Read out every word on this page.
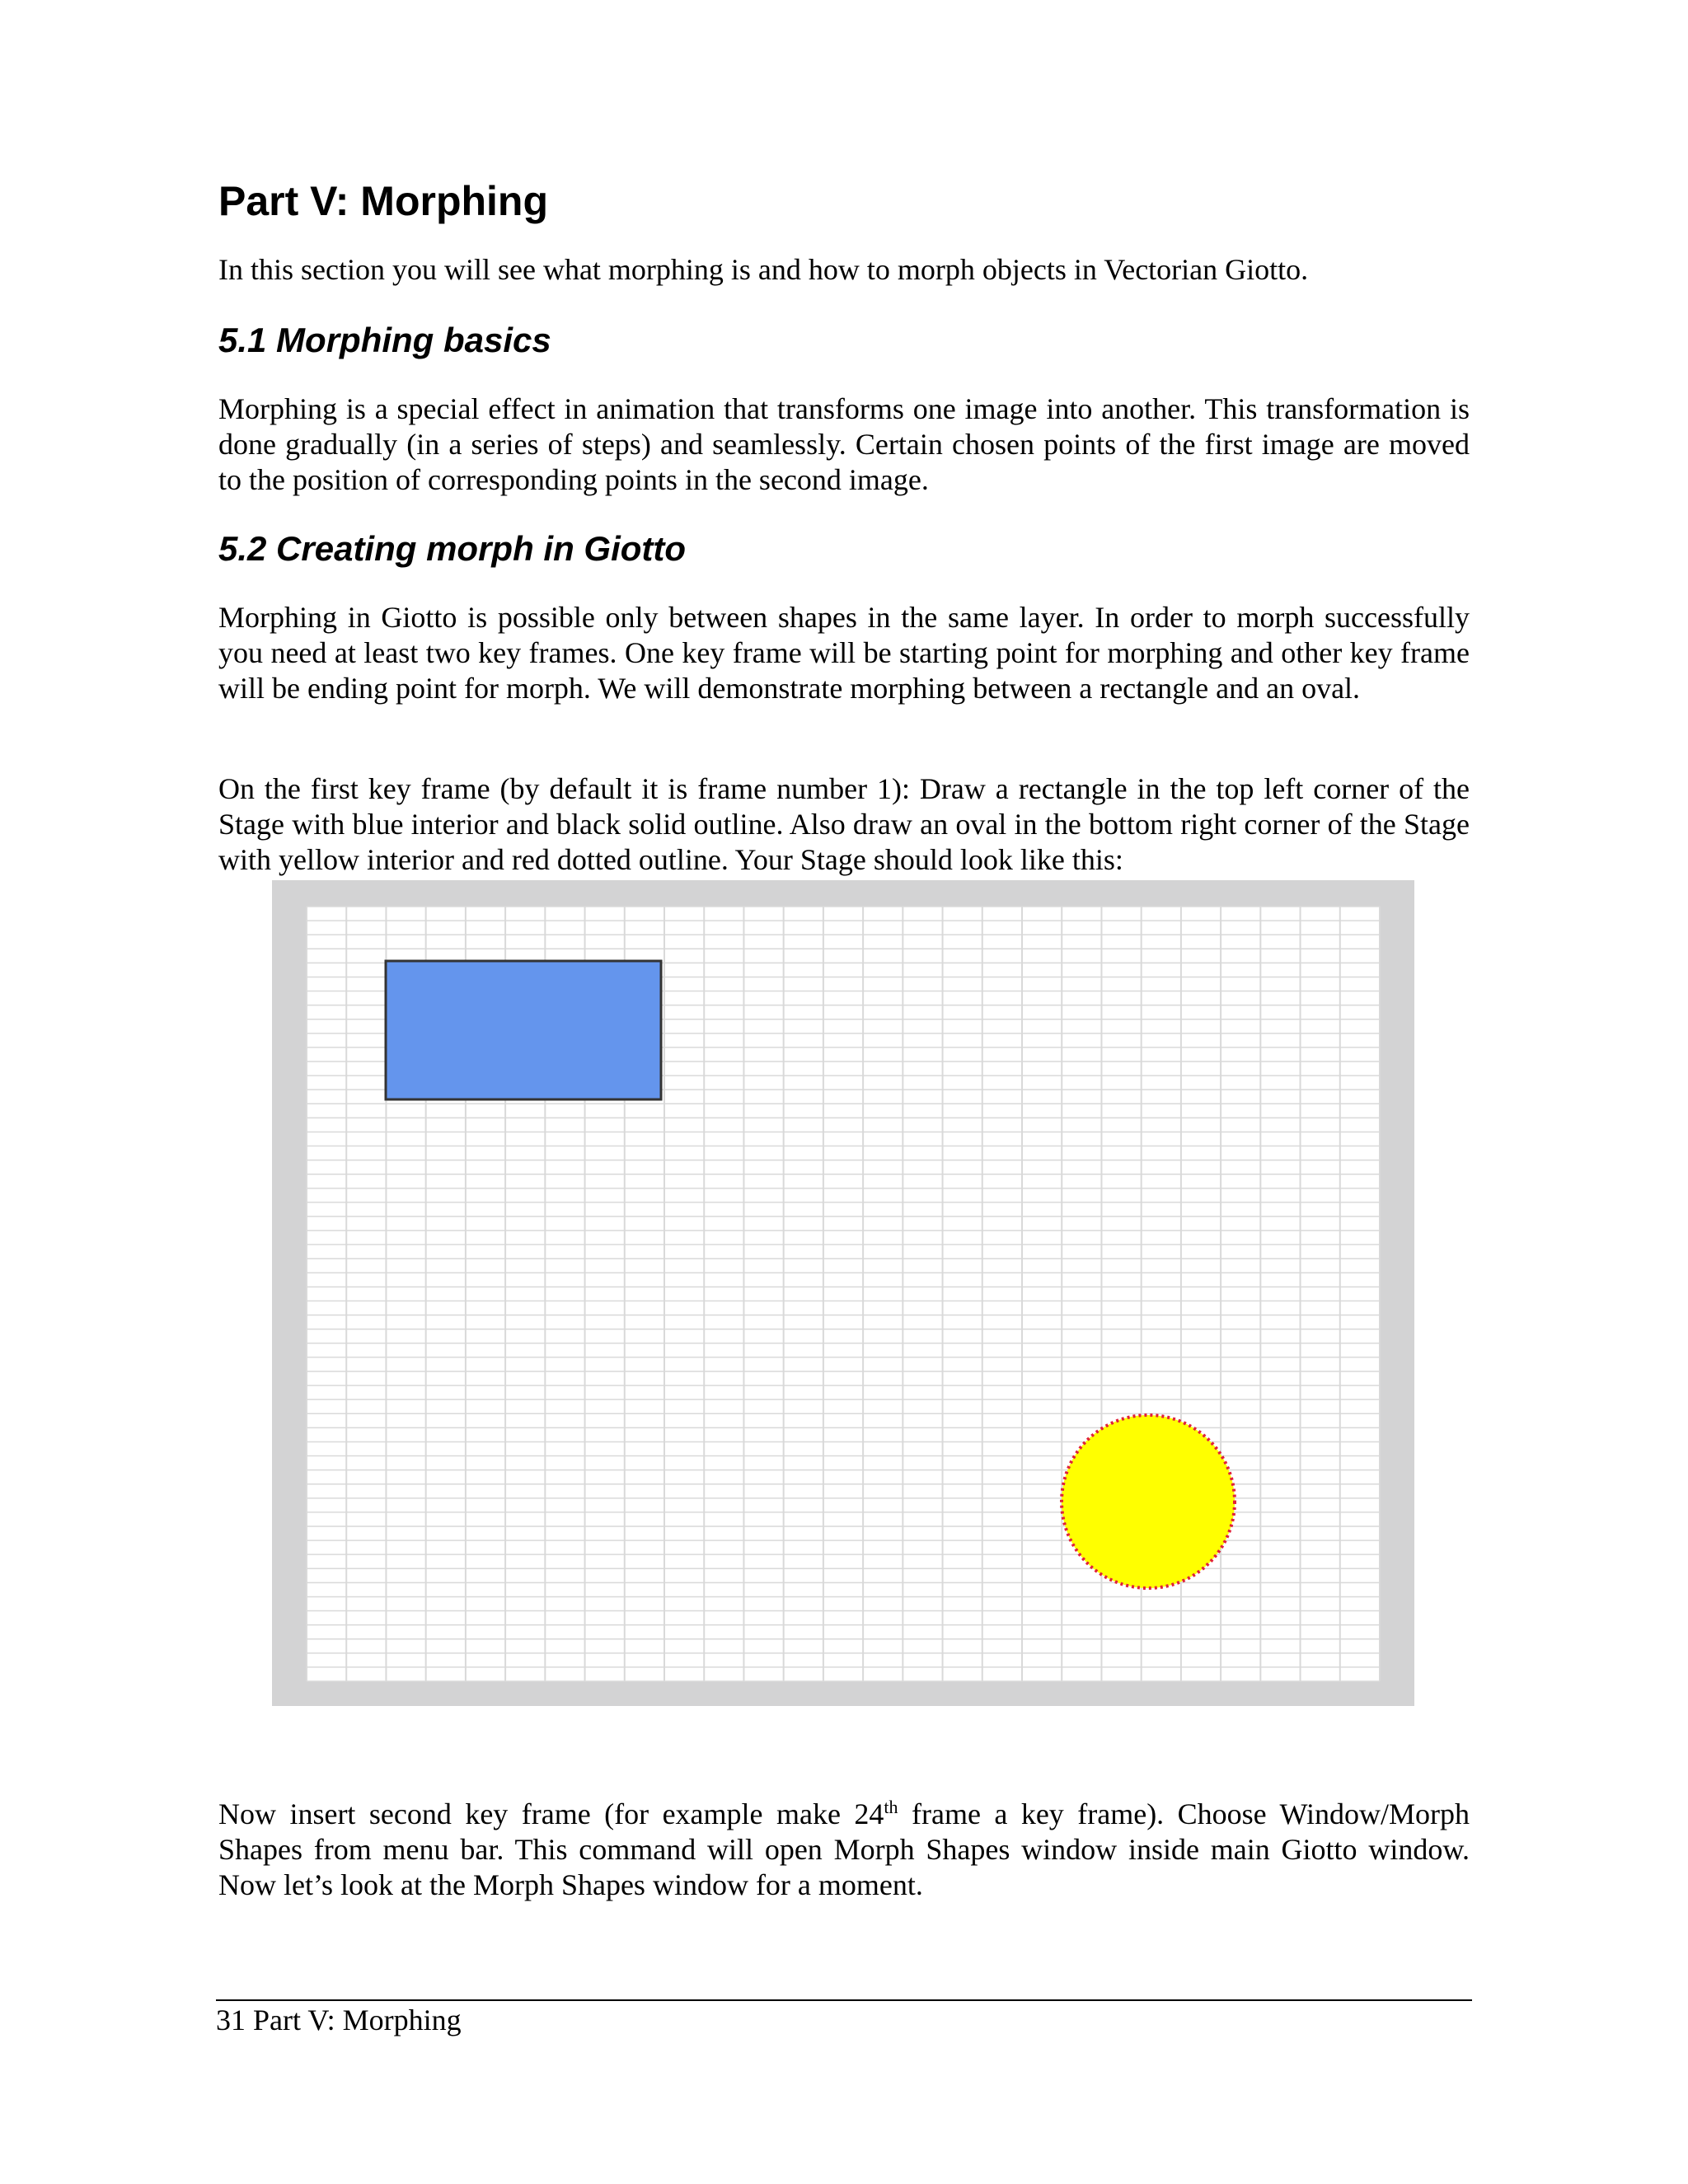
Part V: Morphing

In this section you will see what morphing is and how to morph objects in Vectorian Giotto.

5.1 Morphing basics

Morphing is a special effect in animation that transforms one image into another. This transformation is done gradually (in a series of steps) and seamlessly. Certain chosen points of the first image are moved to the position of corresponding points in the second image.

5.2 Creating morph in Giotto

Morphing in Giotto is possible only between shapes in the same layer. In order to morph successfully you need at least two key frames. One key frame will be starting point for morphing and other key frame will be ending point for morph. We will demonstrate morphing between a rectangle and an oval.

On the first key frame (by default it is frame number 1): Draw a rectangle in the top left corner of the Stage with blue interior and black solid outline. Also draw an oval in the bottom right corner of the Stage with yellow interior and red dotted outline. Your Stage should look like this:

Now insert second key frame (for example make 24th frame a key frame). Choose Window/Morph Shapes from menu bar. This command will open Morph Shapes window inside main Giotto window. Now let’s look at the Morph Shapes window for a moment.

31 Part V: Morphing
